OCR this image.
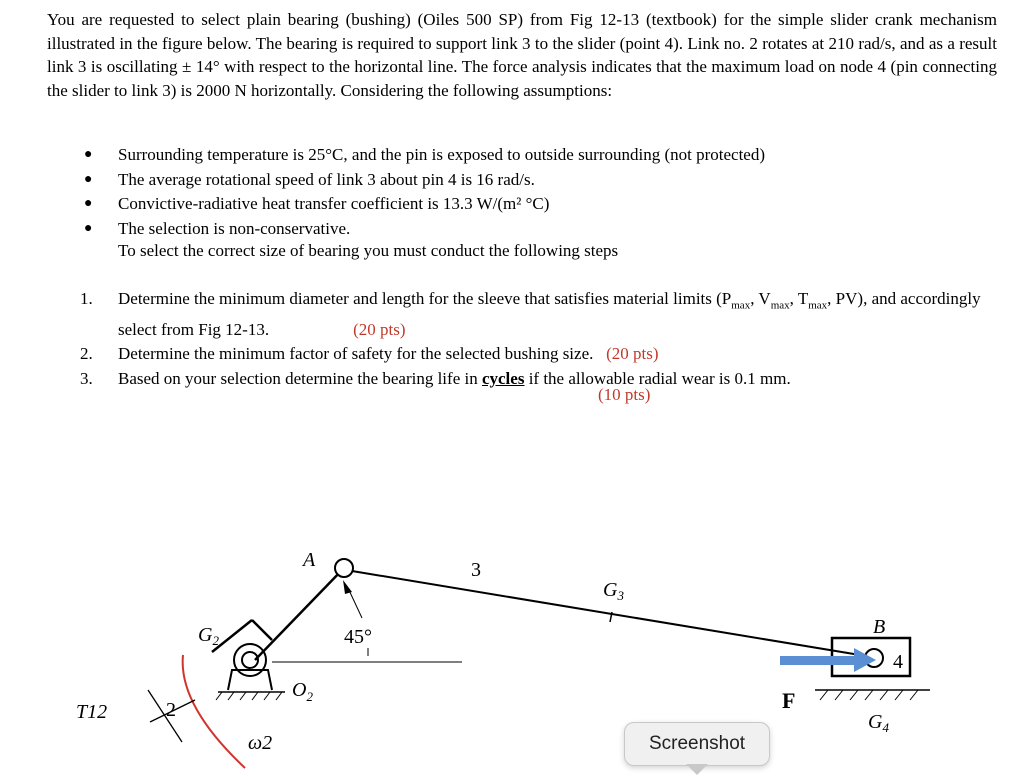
You are requested to select plain bearing (bushing) (Oiles 500 SP) from Fig 12-13 (textbook) for the simple slider crank mechanism illustrated in the figure below. The bearing is required to support link 3 to the slider (point 4). Link no. 2 rotates at 210 rad/s, and as a result link 3 is oscillating ± 14° with respect to the horizontal line. The force analysis indicates that the maximum load on node 4 (pin connecting the slider to link 3) is 2000 N horizontally. Considering the following assumptions:

● Surrounding temperature is 25°C, and the pin is exposed to outside surrounding (not protected)
● The average rotational speed of link 3 about pin 4 is 16 rad/s.
● Convictive-radiative heat transfer coefficient is 13.3 W/(m² °C)
● The selection is non-conservative.
To select the correct size of bearing you must conduct the following steps
1. Determine the minimum diameter and length for the sleeve that satisfies material limits ($P_{max}$, $V_{max}$, $T_{max}$, PV), and accordingly select from Fig 12-13.	(20 pts)
2. Determine the minimum factor of safety for the selected bushing size. (20 pts)
3. Based on your selection determine the bearing life in cycles if the allowable radial wear is 0.1 mm.
(10 pts)
A	3
$G_3$
$G_2$	45°
$O_2$
T12	2
ω2
B
4
F
$G_4$
Screenshot
